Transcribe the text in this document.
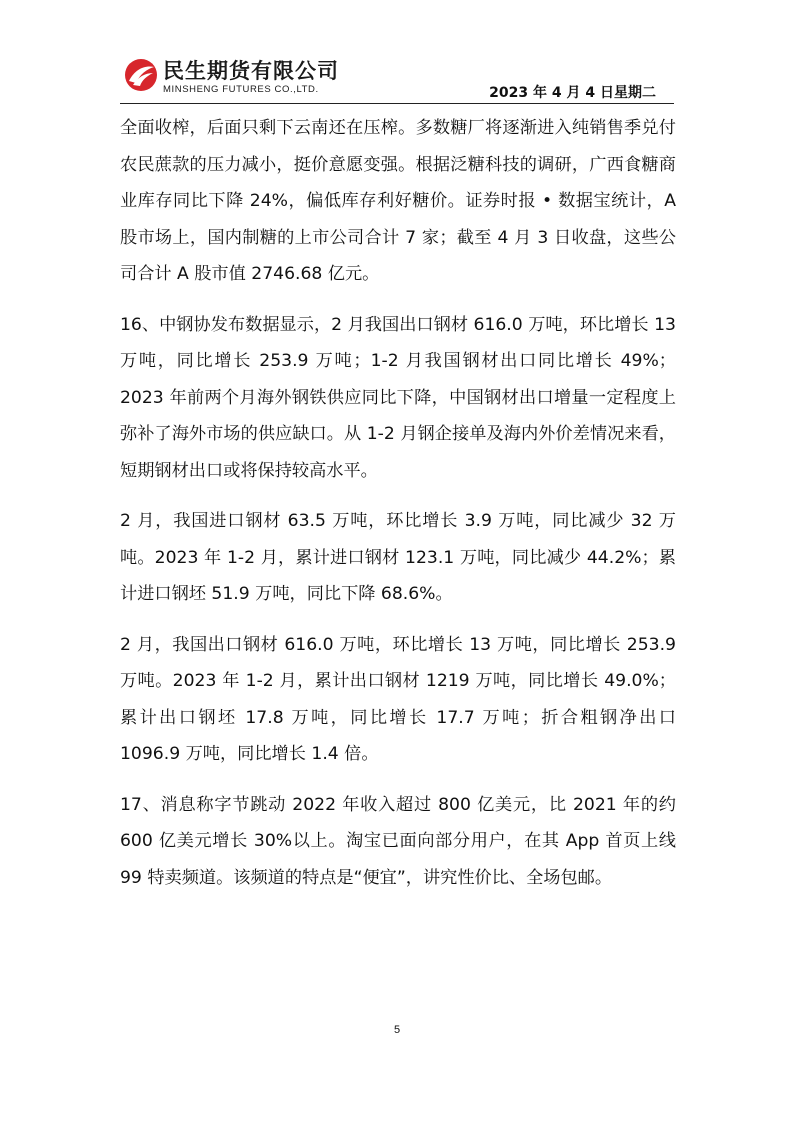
民生期货有限公司
MINSHENG FUTURES CO.,LTD.	2023 年 4 月 4 日星期二

全面收榨，后面只剩下云南还在压榨。多数糖厂将逐渐进入纯销售季兑付农民蔗款的压力减小，挺价意愿变强。根据泛糖科技的调研，广西食糖商业库存同比下降 24%，偏低库存利好糖价。证券时报 • 数据宝统计，A 股市场上，国内制糖的上市公司合计 7 家；截至 4 月 3 日收盘，这些公司合计 A 股市值 2746.68 亿元。

16、中钢协发布数据显示，2 月我国出口钢材 616.0 万吨，环比增长 13 万吨，同比增长 253.9 万吨；1-2 月我国钢材出口同比增长 49%；2023 年前两个月海外钢铁供应同比下降，中国钢材出口增量一定程度上弥补了海外市场的供应缺口。从 1-2 月钢企接单及海内外价差情况来看，短期钢材出口或将保持较高水平。

2 月，我国进口钢材 63.5 万吨，环比增长 3.9 万吨，同比减少 32 万吨。2023 年 1-2 月，累计进口钢材 123.1 万吨，同比减少 44.2%；累计进口钢坯 51.9 万吨，同比下降 68.6%。

2 月，我国出口钢材 616.0 万吨，环比增长 13 万吨，同比增长 253.9 万吨。2023 年 1-2 月，累计出口钢材 1219 万吨，同比增长 49.0%；累计出口钢坯 17.8 万吨，同比增长 17.7 万吨；折合粗钢净出口 1096.9 万吨，同比增长 1.4 倍。

17、消息称字节跳动 2022 年收入超过 800 亿美元，比 2021 年的约 600 亿美元增长 30%以上。淘宝已面向部分用户，在其 App 首页上线 99 特卖频道。该频道的特点是“便宜”，讲究性价比、全场包邮。

5
